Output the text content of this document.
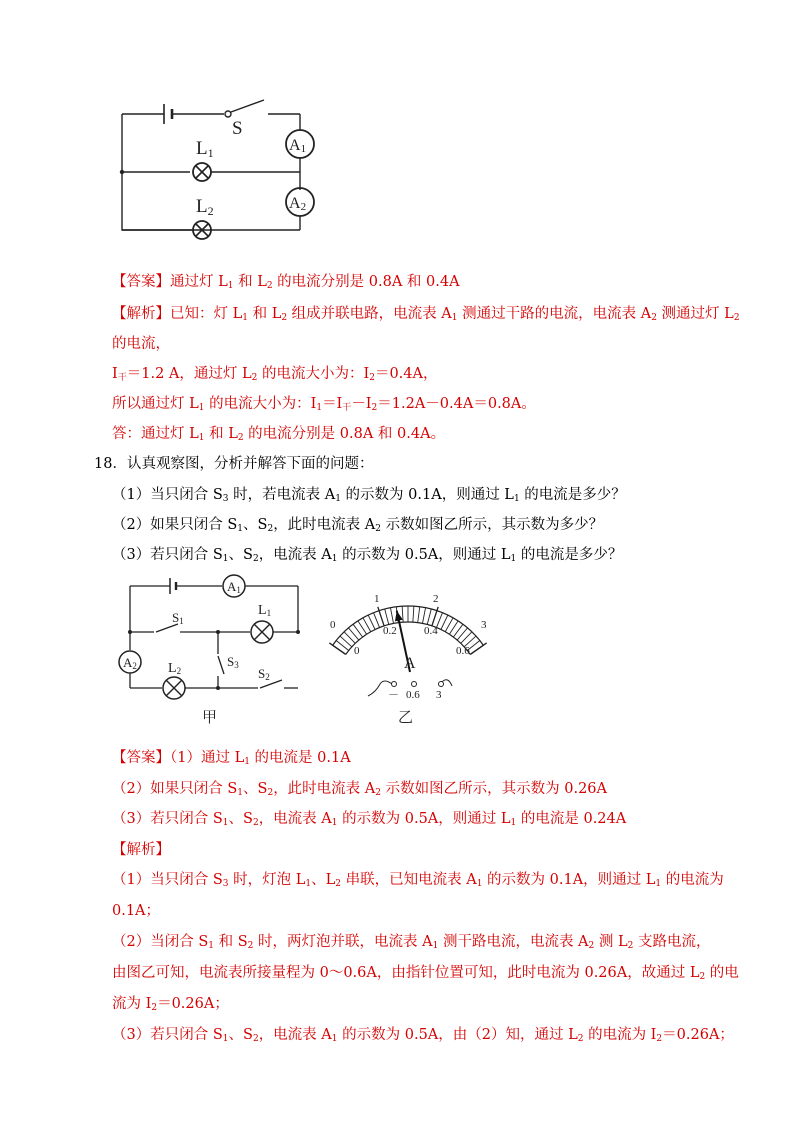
S
L1
L2
A1
A2
【答案】通过灯 $L_1$ 和 $L_2$ 的电流分别是 0.8A 和 0.4A
【解析】已知：灯 $L_1$ 和 $L_2$ 组成并联电路，电流表 $A_1$ 测通过干路的电流，电流表 $A_2$ 测通过灯 $L_2$
的电流，
$I_干=1.2$ A，通过灯 $L_2$ 的电流大小为：$I_2=0.4A$，
所以通过灯 $L_1$ 的电流大小为：$I_1=I_干-I_2=1.2A-0.4A=0.8A$。
答：通过灯 $L_1$ 和 $L_2$ 的电流分别是 0.8A 和 0.4A。
18．认真观察图，分析并解答下面的问题：
（1）当只闭合 $S_3$ 时，若电流表 $A_1$ 的示数为 0.1A，则通过 $L_1$ 的电流是多少？
（2）如果只闭合 $S_1$、$S_2$，此时电流表 $A_2$ 示数如图乙所示，其示数为多少？
（3）若只闭合 $S_1$、$S_2$，电流表 $A_1$ 的示数为 0.5A，则通过 $L_1$ 的电流是多少？
A1
A2
S1
L1
S3
L2	S2
甲
0
1	2
3
0
0.2 0.4
0.6
A
－ 0.6 3
乙
【答案】（1）通过 $L_1$ 的电流是 0.1A
（2）如果只闭合 $S_1$、$S_2$，此时电流表 $A_2$ 示数如图乙所示，其示数为 0.26A
（3）若只闭合 $S_1$、$S_2$，电流表 $A_1$ 的示数为 0.5A，则通过 $L_1$ 的电流是 0.24A
【解析】
（1）当只闭合 $S_3$ 时，灯泡 $L_1$、$L_2$ 串联，已知电流表 $A_1$ 的示数为 0.1A，则通过 $L_1$ 的电流为
0.1A；
（2）当闭合 $S_1$ 和 $S_2$ 时，两灯泡并联，电流表 $A_1$ 测干路电流，电流表 $A_2$ 测 $L_2$ 支路电流，
由图乙可知，电流表所接量程为 0～0.6A，由指针位置可知，此时电流为 0.26A，故通过 $L_2$ 的电
流为 $I_2=0.26A$；
（3）若只闭合 $S_1$、$S_2$，电流表 $A_1$ 的示数为 0.5A，由（2）知，通过 $L_2$ 的电流为 $I_2=0.26A$；
